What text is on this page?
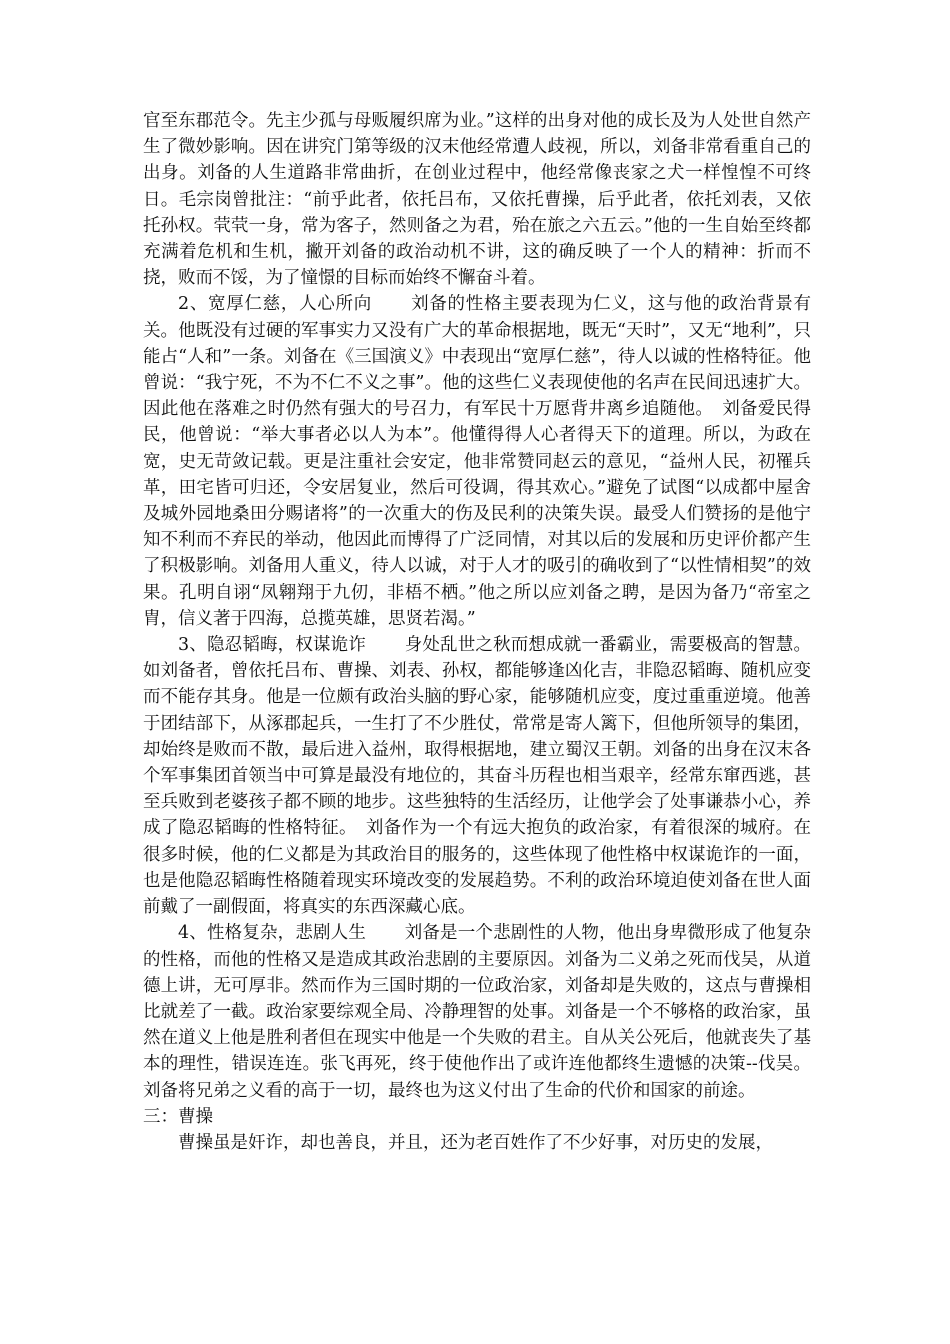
官至东郡范令。先主少孤与母贩履织席为业。”这样的出身对他的成长及为人处世自然产生了微妙影响。因在讲究门第等级的汉末他经常遭人歧视，所以，刘备非常看重自己的出身。刘备的人生道路非常曲折，在创业过程中，他经常像丧家之犬一样惶惶不可终日。毛宗岗曾批注：“前乎此者，依托吕布，又依托曹操，后乎此者，依托刘表，又依托孙权。茕茕一身，常为客子，然则备之为君，殆在旅之六五云。”他的一生自始至终都充满着危机和生机，撇开刘备的政治动机不讲，这的确反映了一个人的精神：折而不挠，败而不馁，为了憧憬的目标而始终不懈奋斗着。

2、宽厚仁慈，人心所向 刘备的性格主要表现为仁义，这与他的政治背景有关。他既没有过硬的军事实力又没有广大的革命根据地，既无“天时”，又无“地利”，只能占“人和”一条。刘备在《三国演义》中表现出“宽厚仁慈”，待人以诚的性格特征。他曾说：“我宁死，不为不仁不义之事”。他的这些仁义表现使他的名声在民间迅速扩大。因此他在落难之时仍然有强大的号召力，有军民十万愿背井离乡追随他。　刘备爱民得民，他曾说：“举大事者必以人为本”。他懂得得人心者得天下的道理。所以，为政在宽，史无苛敛记载。更是注重社会安定，他非常赞同赵云的意见，“益州人民，初罹兵革，田宅皆可归还，令安居复业，然后可役调，得其欢心。”避免了试图“以成都中屋舍及城外园地桑田分赐诸将”的一次重大的伤及民利的决策失误。最受人们赞扬的是他宁知不利而不弃民的举动，他因此而博得了广泛同情，对其以后的发展和历史评价都产生了积极影响。刘备用人重义，待人以诚，对于人才的吸引的确收到了“以性情相契”的效果。孔明自诩“凤翱翔于九仞，非梧不栖。”他之所以应刘备之聘，是因为备乃“帝室之胄，信义著于四海，总揽英雄，思贤若渴。”

3、隐忍韬晦，权谋诡诈 身处乱世之秋而想成就一番霸业，需要极高的智慧。如刘备者，曾依托吕布、曹操、刘表、孙权，都能够逢凶化吉，非隐忍韬晦、随机应变而不能存其身。他是一位颇有政治头脑的野心家，能够随机应变，度过重重逆境。他善于团结部下，从涿郡起兵，一生打了不少胜仗，常常是寄人篱下，但他所领导的集团，却始终是败而不散，最后进入益州，取得根据地，建立蜀汉王朝。刘备的出身在汉末各个军事集团首领当中可算是最没有地位的，其奋斗历程也相当艰辛，经常东窜西逃，甚至兵败到老婆孩子都不顾的地步。这些独特的生活经历，让他学会了处事谦恭小心，养成了隐忍韬晦的性格特征。　刘备作为一个有远大抱负的政治家，有着很深的城府。在很多时候，他的仁义都是为其政治目的服务的，这些体现了他性格中权谋诡诈的一面，也是他隐忍韬晦性格随着现实环境改变的发展趋势。不利的政治环境迫使刘备在世人面前戴了一副假面，将真实的东西深藏心底。

4、性格复杂，悲剧人生 刘备是一个悲剧性的人物，他出身卑微形成了他复杂的性格，而他的性格又是造成其政治悲剧的主要原因。刘备为二义弟之死而伐吴，从道德上讲，无可厚非。然而作为三国时期的一位政治家，刘备却是失败的，这点与曹操相比就差了一截。政治家要综观全局、冷静理智的处事。刘备是一个不够格的政治家，虽然在道义上他是胜利者但在现实中他是一个失败的君主。自从关公死后，他就丧失了基本的理性，错误连连。张飞再死，终于使他作出了或许连他都终生遗憾的决策--伐吴。刘备将兄弟之义看的高于一切，最终也为这义付出了生命的代价和国家的前途。

三：曹操

曹操虽是奸诈，却也善良，并且，还为老百姓作了不少好事，对历史的发展，
